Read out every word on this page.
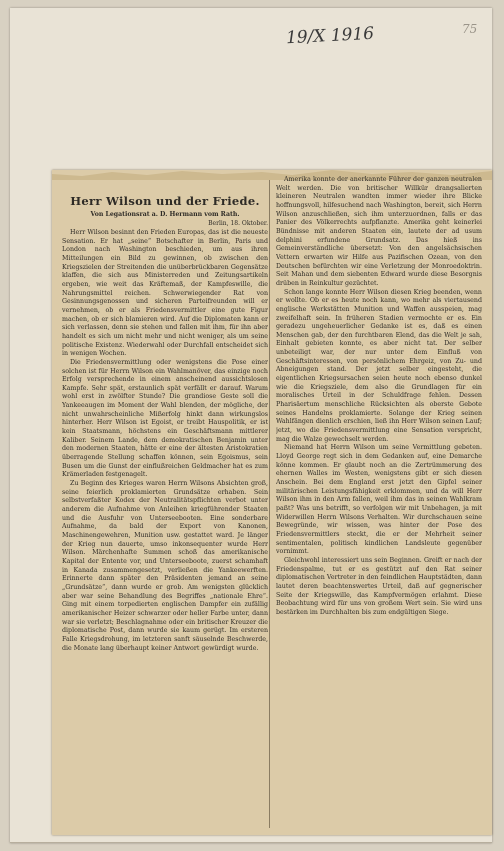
19/X 1916	75
Herr Wilson und der Friede.
Von Legationsrat a. D. Hermann vom Rath.
Berlin, 18. Oktober.

Herr Wilson besinnt den Frieden Europas, das ist die neueste Sensation. Er hat „seine“ Botschafter in Berlin, Paris und London nach Washington beschieden, um aus ihren Mitteilungen ein Bild zu gewinnen, ob zwischen den Kriegszielen der Streitenden die unüberbrückbaren Gegensätze klaffen, die sich aus Ministerreden und Zeitungsartikeln ergeben, wie weit das Kräftemaß, der Kampfeswille, die Nahrungsmittel reichen. Schwerwiegender Rat von Gesinnungsgenossen und sicheren Parteifreunden will er vernehmen, ob er als Friedensvermittler eine gute Figur machen, ob er sich blamieren wird. Auf die Diplomaten kann er sich verlassen, denn sie stehen und fallen mit ihm, für ihn aber handelt es sich um nicht mehr und nicht weniger, als um seine politische Existenz. Wiederwahl oder Durchfall entscheidet sich in wenigen Wochen.

Die Friedensvermittlung oder wenigstens die Pose einer solchen ist für Herrn Wilson ein Wahlmanöver, das einzige noch Erfolg versprechende in einem anscheinend aussichtslosen Kampfe. Sehr spät, erstaunlich spät verfällt er darauf. Warum wohl erst in zwölfter Stunde? Die grandiose Geste soll die Yankeeaugen im Moment der Wahl blenden, der mögliche, der nicht unwahrscheinliche Mißerfolg hinkt dann wirkungslos hinterher. Herr Wilson ist Egoist, er treibt Hauspolitik, er ist kein Staatsmann, höchstens ein Geschäftsmann mittlerer Kaliber. Seinem Lande, dem demokratischen Benjamin unter den modernen Staaten, hätte er eine der ältesten Aristokratien überragende Stellung schaffen können, sein Egoismus, sein Busen um die Gunst der einflußreichen Geldmacher hat es zum Krämerladen festgenagelt.

Zu Beginn des Krieges waren Herrn Wilsons Absichten groß, seine feierlich proklamierten Grundsätze erhaben. Sein selbstverfaßter Kodex der Neutralitätspflichten verbot unter anderem die Aufnahme von Anleihen kriegführender Staaten und die Ausfuhr von Unterseebooten. Eine sonderbare Aufnahme, da bald der Export von Kanonen, Maschinengewehren, Munition usw. gestattet ward. Je länger der Krieg nun dauerte, umso inkonsequenter wurde Herr Wilson. Märchenhafte Summen schoß das amerikanische Kapital der Entente vor, und Unterseeboote, zuerst schamhaft in Kanada zusammengesetzt, verließen die Yankeewerften. Erinnerte dann später den Präsidenten jemand an seine „Grundsätze“, dann wurde er grob. Am wenigsten glücklich aber war seine Behandlung des Begriffes „nationale Ehre“. Ging mit einem torpedierten englischen Dampfer ein zufällig amerikanischer Heizer schwarzer oder heller Farbe unter, dann war sie verletzt; Beschlagnahme oder ein britischer Kreuzer die diplomatische Post, dann wurde sie kaum gerügt. Im ersteren Falle Kriegsdrohung, im letzteren sanft säuselnde Beschwerde, die Monate lang überhaupt keiner Antwort gewürdigt wurde.

Amerika konnte der anerkannte Führer der ganzen neutralen Welt werden. Die von britischer Willkür drangsalierten kleineren Neutralen wandten immer wieder ihre Blicke hoffnungsvoll, hilfesuchend nach Washington, bereit, sich Herrn Wilson anzuschließen, sich ihm unterzuordnen, falls er das Panier des Völkerrechts aufpflanzte. Amerika geht keinerlei Bündnisse mit anderen Staaten ein, lautete der ad usum delphini erfundene Grundsatz. Das hieß ins Gemeinverständliche übersetzt: Von den angelsächsischen Vettern erwarten wir Hilfe aus Pazifischen Ozean, von den Deutschen befürchten wir eine Verletzung der Monroedoktrin. Seit Mahan und dem siebenten Edward wurde diese Besorgnis drüben in Reinkultur gezüchtet.

Schon lange konnte Herr Wilson diesen Krieg beenden, wenn er wollte. Ob er es heute noch kann, wo mehr als viertausend englische Werkstätten Munition und Waffen ausspeien, mag zweifelhaft sein. In früheren Stadien vermochte er es. Ein geradezu ungeheuerlicher Gedanke ist es, daß es einen Menschen gab, der den furchtbaren Elend, das die Welt je sah, Einhalt gebieten konnte, es aber nicht tat. Der selber unbeteiligt war, der nur unter dem Einfluß von Geschäftsinteressen, von persönlichem Ehrgeiz, von Zu- und Abneigungen stand. Der jetzt selber eingesteht, die eigentlichen Kriegsursachen seien heute noch ebenso dunkel wie die Kriegsziele, dem also die Grundlagen für ein moralisches Urteil in der Schuldfrage fehlen. Dessen Pharisäertum menschliche Rücksichten als oberste Gebote seines Handelns proklamierte. Solange der Krieg seinen Wahlfängen dienlich erschien, ließ ihn Herr Wilson seinen Lauf; jetzt, wo die Friedensvermittlung eine Sensation verspricht, mag die Walze gewechselt werden.

Niemand hat Herrn Wilson um seine Vermittlung gebeten. Lloyd George regt sich in dem Gedanken auf, eine Demarche könne kommen. Er glaubt noch an die Zertrümmerung des ehernen Walles im Westen, wenigstens gibt er sich diesen Anschein. Bei dem England erst jetzt den Gipfel seiner militärischen Leistungsfähigkeit erklommen, und da will Herr Wilson ihm in den Arm fallen, weil ihm das in seinen Wahlkram paßt? Was uns betrifft, so verfolgen wir mit Unbehagen, ja mit Widerwillen Herrn Wilsons Verhalten. Wir durchschauen seine Bewegründe, wir wissen, was hinter der Pose des Friedensvermittlers steckt, die er der Mehrheit seiner sentimentalen, politisch kindlichen Landsleute gegenüber vornimmt.

Gleichwohl interessiert uns sein Beginnen. Greift er nach der Friedenspalme, tut er es gestützt auf den Rat seiner diplomatischen Vertreter in den feindlichen Hauptstädten, dann lautet deren beachtenswertes Urteil, daß auf gegnerischer Seite der Kriegswille, das Kampfvermögen erlahmt. Diese Beobachtung wird für uns von großem Wert sein. Sie wird uns bestärken im Durchhalten bis zum endgültigen Siege.
